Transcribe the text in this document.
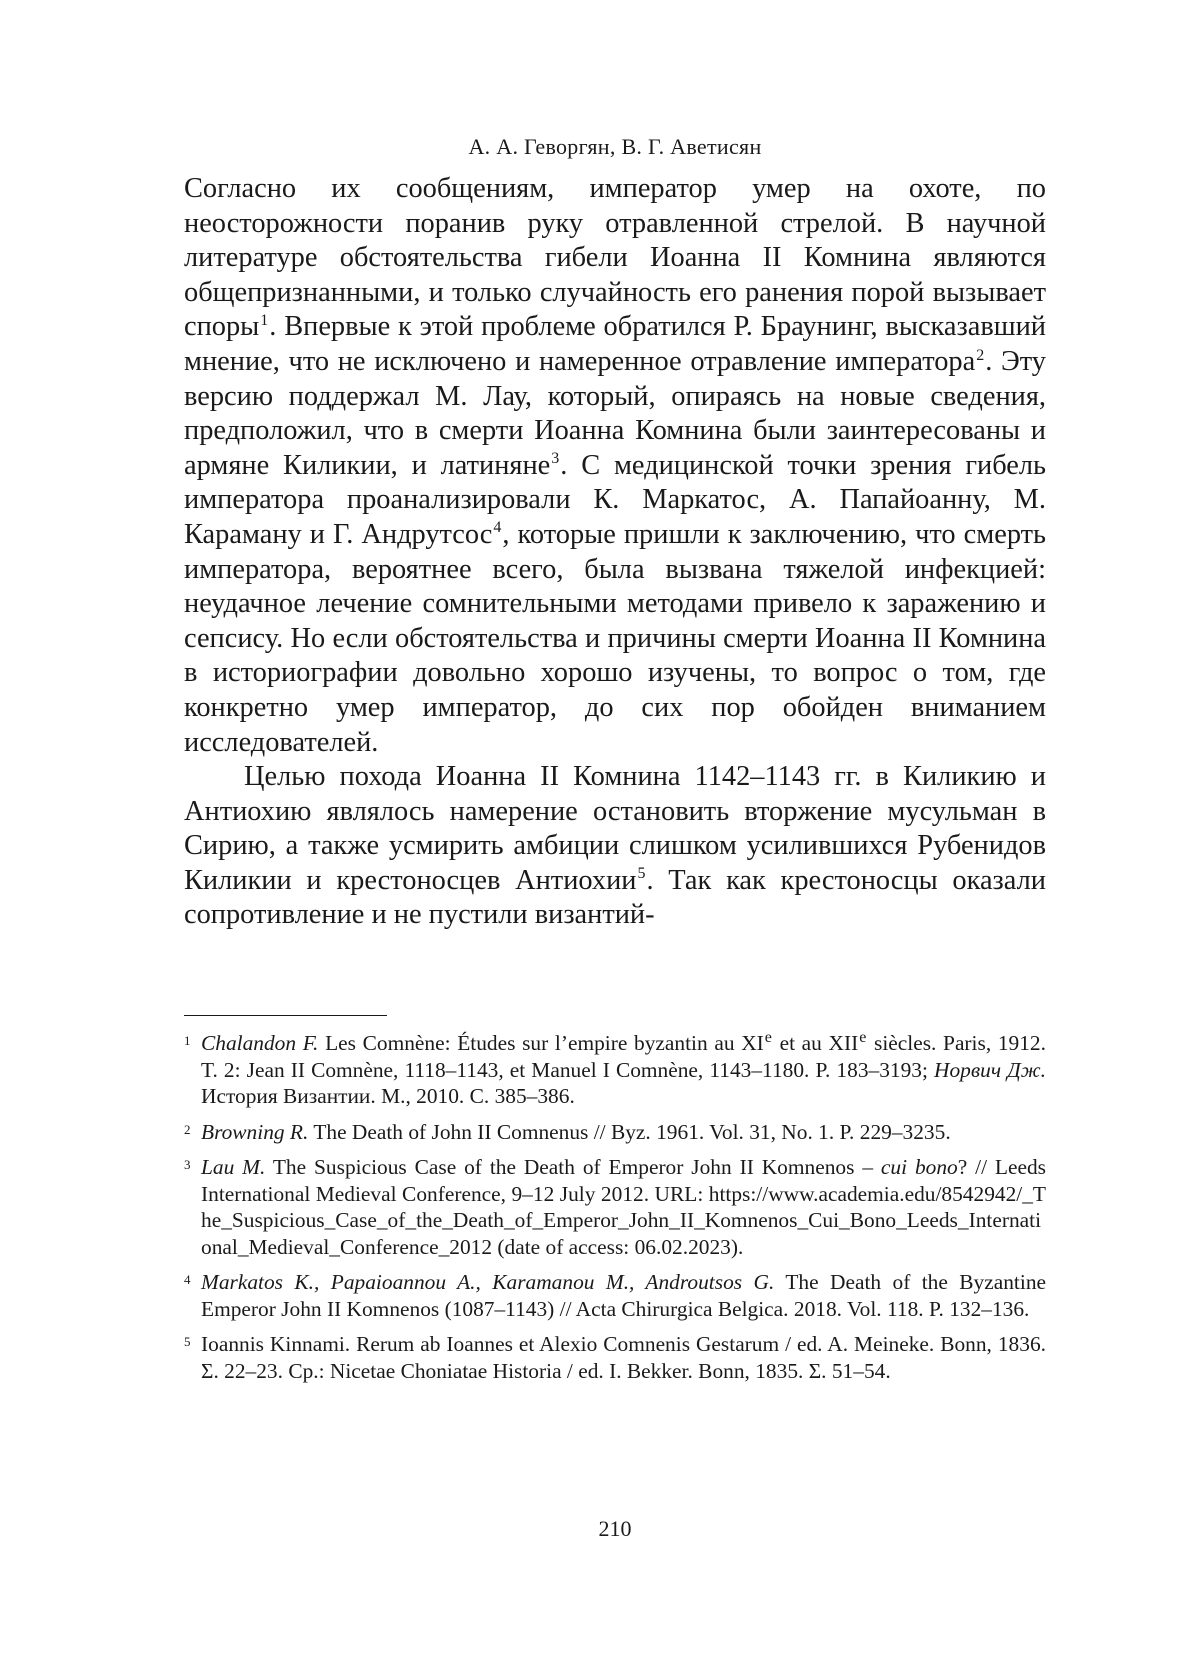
А. А. Геворгян, В. Г. Аветисян

Согласно их сообщениям, император умер на охоте, по неосторожности поранив руку отравленной стрелой. В научной литературе обстоятельства гибели Иоанна II Комнина являются общепризнанными, и только случайность его ранения порой вызывает споры$^1$. Впервые к этой проблеме обратился Р. Браунинг, высказавший мнение, что не исключено и намеренное отравление императора$^2$. Эту версию поддержал М. Лау, который, опираясь на новые сведения, предположил, что в смерти Иоанна Комнина были заинтересованы и армяне Киликии, и латиняне$^3$. С медицинской точки зрения гибель императора проанализировали К. Маркатос, А. Папайоанну, М. Караману и Г. Андрутсос$^4$, которые пришли к заключению, что смерть императора, вероятнее всего, была вызвана тяжелой инфекцией: неудачное лечение сомнительными методами привело к заражению и сепсису. Но если обстоятельства и причины смерти Иоанна II Комнина в историографии довольно хорошо изучены, то вопрос о том, где конкретно умер император, до сих пор обойден вниманием исследователей.

Целью похода Иоанна II Комнина 1142–1143 гг. в Киликию и Антиохию являлось намерение остановить вторжение мусульман в Сирию, а также усмирить амбиции слишком усилившихся Рубенидов Киликии и крестоносцев Антиохии$^5$. Так как крестоносцы оказали сопротивление и не пустили византий-

1 Chalandon F. Les Comnène: Études sur l’empire byzantin au XIe et au XIIe siècles. Paris, 1912. T. 2: Jean II Comnène, 1118–1143, et Manuel I Comnène, 1143–1180. P. 183–3193; Норвич Дж. История Византии. М., 2010. С. 385–386.
2 Browning R. The Death of John II Comnenus // Byz. 1961. Vol. 31, No. 1. P. 229–3235.
3 Lau M. The Suspicious Case of the Death of Emperor John II Komnenos – cui bono? // Leeds International Medieval Conference, 9–12 July 2012. URL: https://www.academia.edu/8542942/_The_Suspicious_Case_of_the_Death_of_Emperor_John_II_Komnenos_Cui_Bono_Leeds_International_Medieval_Conference_2012 (date of access: 06.02.2023).
4 Markatos K., Papaioannou A., Karamanou M., Androutsos G. The Death of the Byzantine Emperor John II Komnenos (1087–1143) // Acta Chirurgica Belgica. 2018. Vol. 118. P. 132–136.
5 Ioannis Kinnami. Rerum ab Ioannes et Alexio Comnenis Gestarum / ed. A. Meineke. Bonn, 1836. Σ. 22–23. Ср.: Nicetae Choniatae Historia / ed. I. Bekker. Bonn, 1835. Σ. 51–54.
210
